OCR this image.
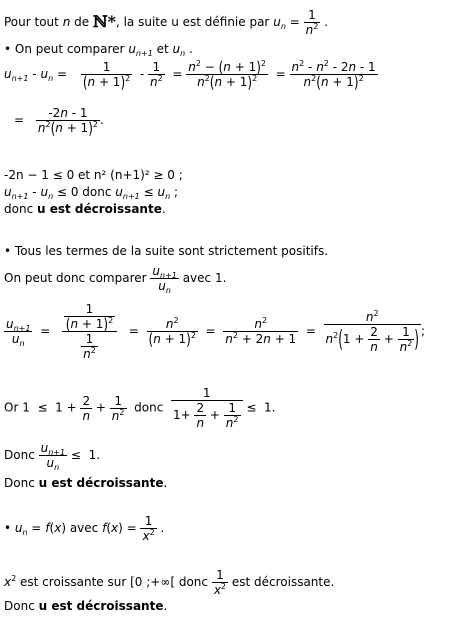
Pour tout n de ℕ*, la suite u est définie par $u_n = \frac{1}{n^2}$ .
• On peut comparer $u_{n+1}$ et $u_n$ .
$u_{n+1} - u_n = \frac{1}{(n + 1)^2} - \frac{1}{n^2} = \frac{n^2 - (n + 1)^2}{n^2(n + 1)^2} = \frac{n^2 - n^2 - 2n - 1}{n^2(n + 1)^2}$
= $\frac{-2n - 1}{n^2(n + 1)^2}$ .
-2n − 1 ≤ 0 et n² (n+1)² ≥ 0 ;
$u_{n+1} - u_n \le 0$ donc $u_{n+1} \le u_n$ ;
donc u est décroissante.
• Tous les termes de la suite sont strictement positifs.
On peut donc comparer $\frac{u_{n+1}}{u_n}$ avec 1.
$\frac{u_{n+1}}{u_n} = \frac{\frac{1}{(n + 1)^2}}{\frac{1}{n^2}} = \frac{n^2}{(n + 1)^2} = \frac{n^2}{n^2 + 2n + 1} = \frac{n^2}{n^2(1 + \frac{2}{n} + \frac{1}{n^2} )}$ ;
Or $1 \le 1 + \frac{2}{n} + \frac{1}{n^2}$ donc $\frac{1}{1+ \frac{2}{n} + \frac{1}{n^2}} \le 1$.
Donc $\frac{u_{n+1}}{u_n} \le 1$.
Donc u est décroissante.
• $u_n = f(x)$ avec $f(x) = \frac{1}{x^2}$ .
$x^2$ est croissante sur [0 ;+∞[ donc $\frac{1}{x^2}$ est décroissante.
Donc u est décroissante.
